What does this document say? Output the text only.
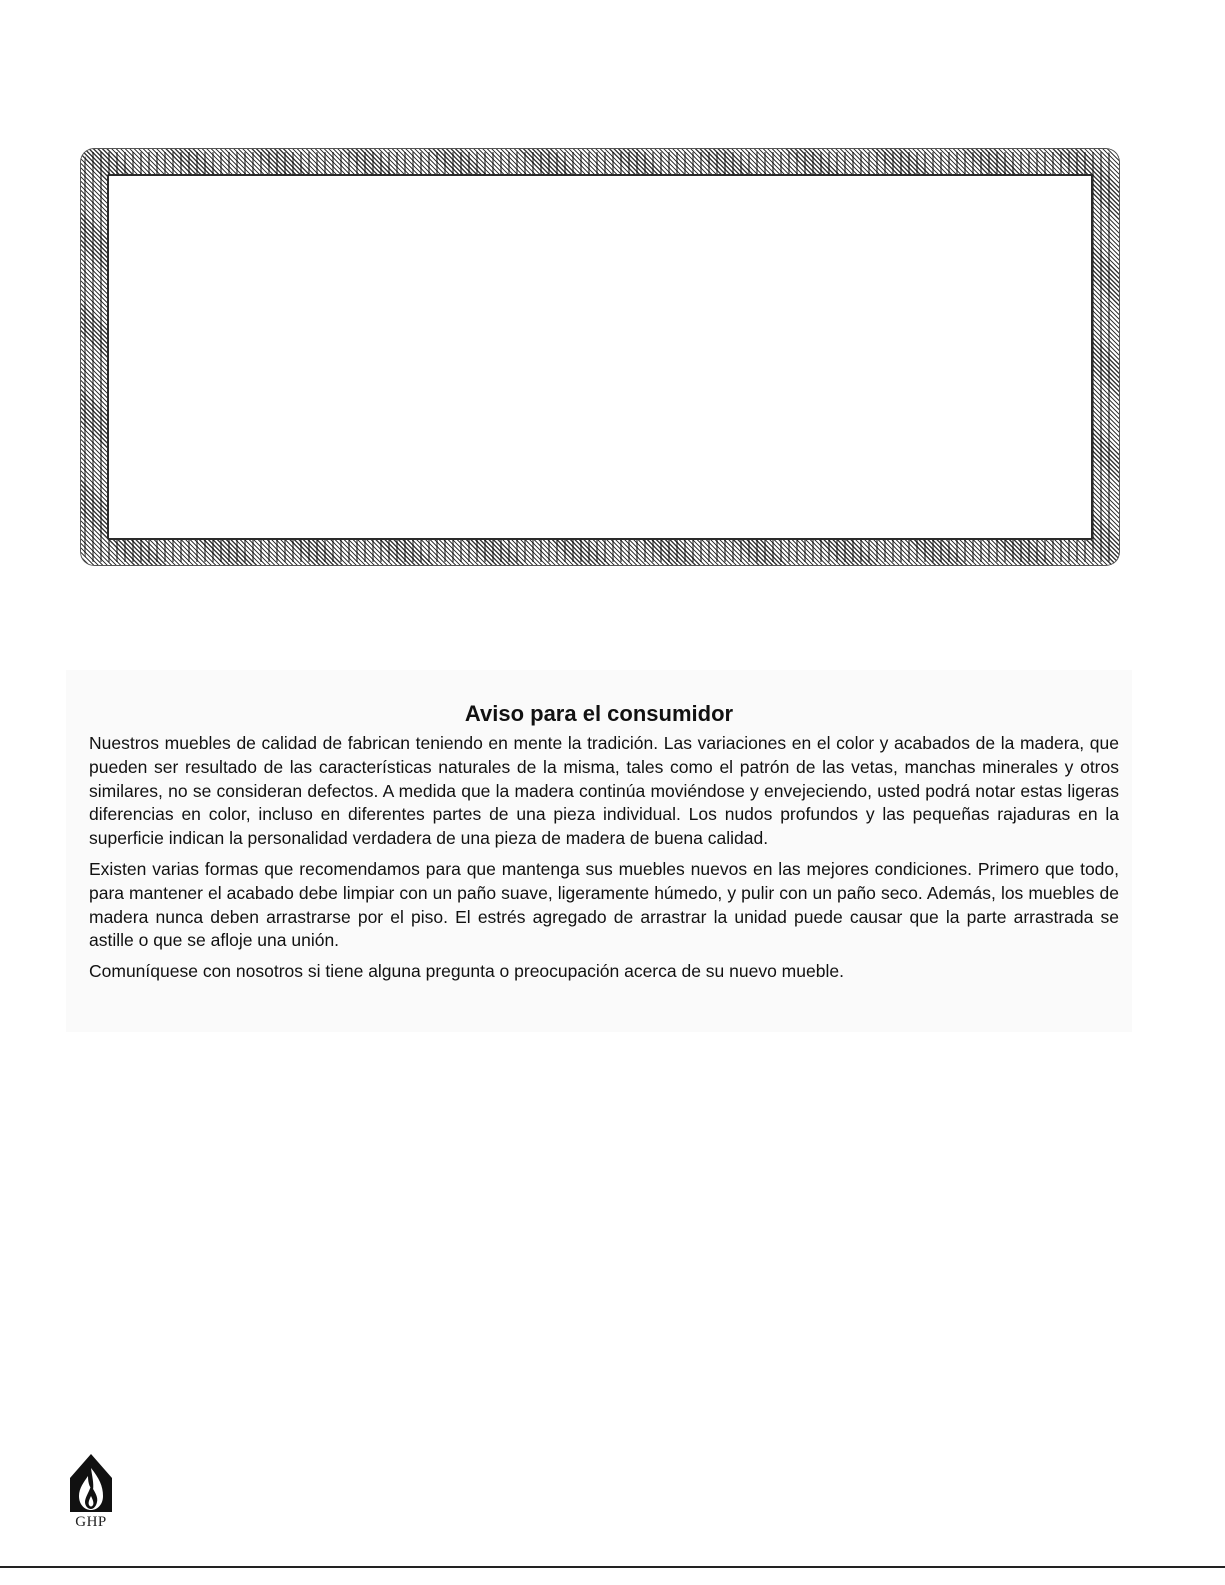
Aviso para el consumidor

Nuestros muebles de calidad de fabrican teniendo en mente la tradición. Las variaciones en el color y acabados de la madera, que pueden ser resultado de las características naturales de la misma, tales como el patrón de las vetas, manchas minerales y otros similares, no se consideran defectos. A medida que la madera continúa moviéndose y envejeciendo, usted podrá notar estas ligeras diferencias en color, incluso en diferentes partes de una pieza individual. Los nudos profundos y las pequeñas rajaduras en la superficie indican la personalidad verdadera de una pieza de madera de buena calidad.

Existen varias formas que recomendamos para que mantenga sus muebles nuevos en las mejores condiciones. Primero que todo, para mantener el acabado debe limpiar con un paño suave, ligeramente húmedo, y pulir con un paño seco. Además, los muebles de madera nunca deben arrastrarse por el piso. El estrés agregado de arrastrar la unidad puede causar que la parte arrastrada se astille o que se afloje una unión.

Comuníquese con nosotros si tiene alguna pregunta o preocupación acerca de su nuevo mueble.

GHP
